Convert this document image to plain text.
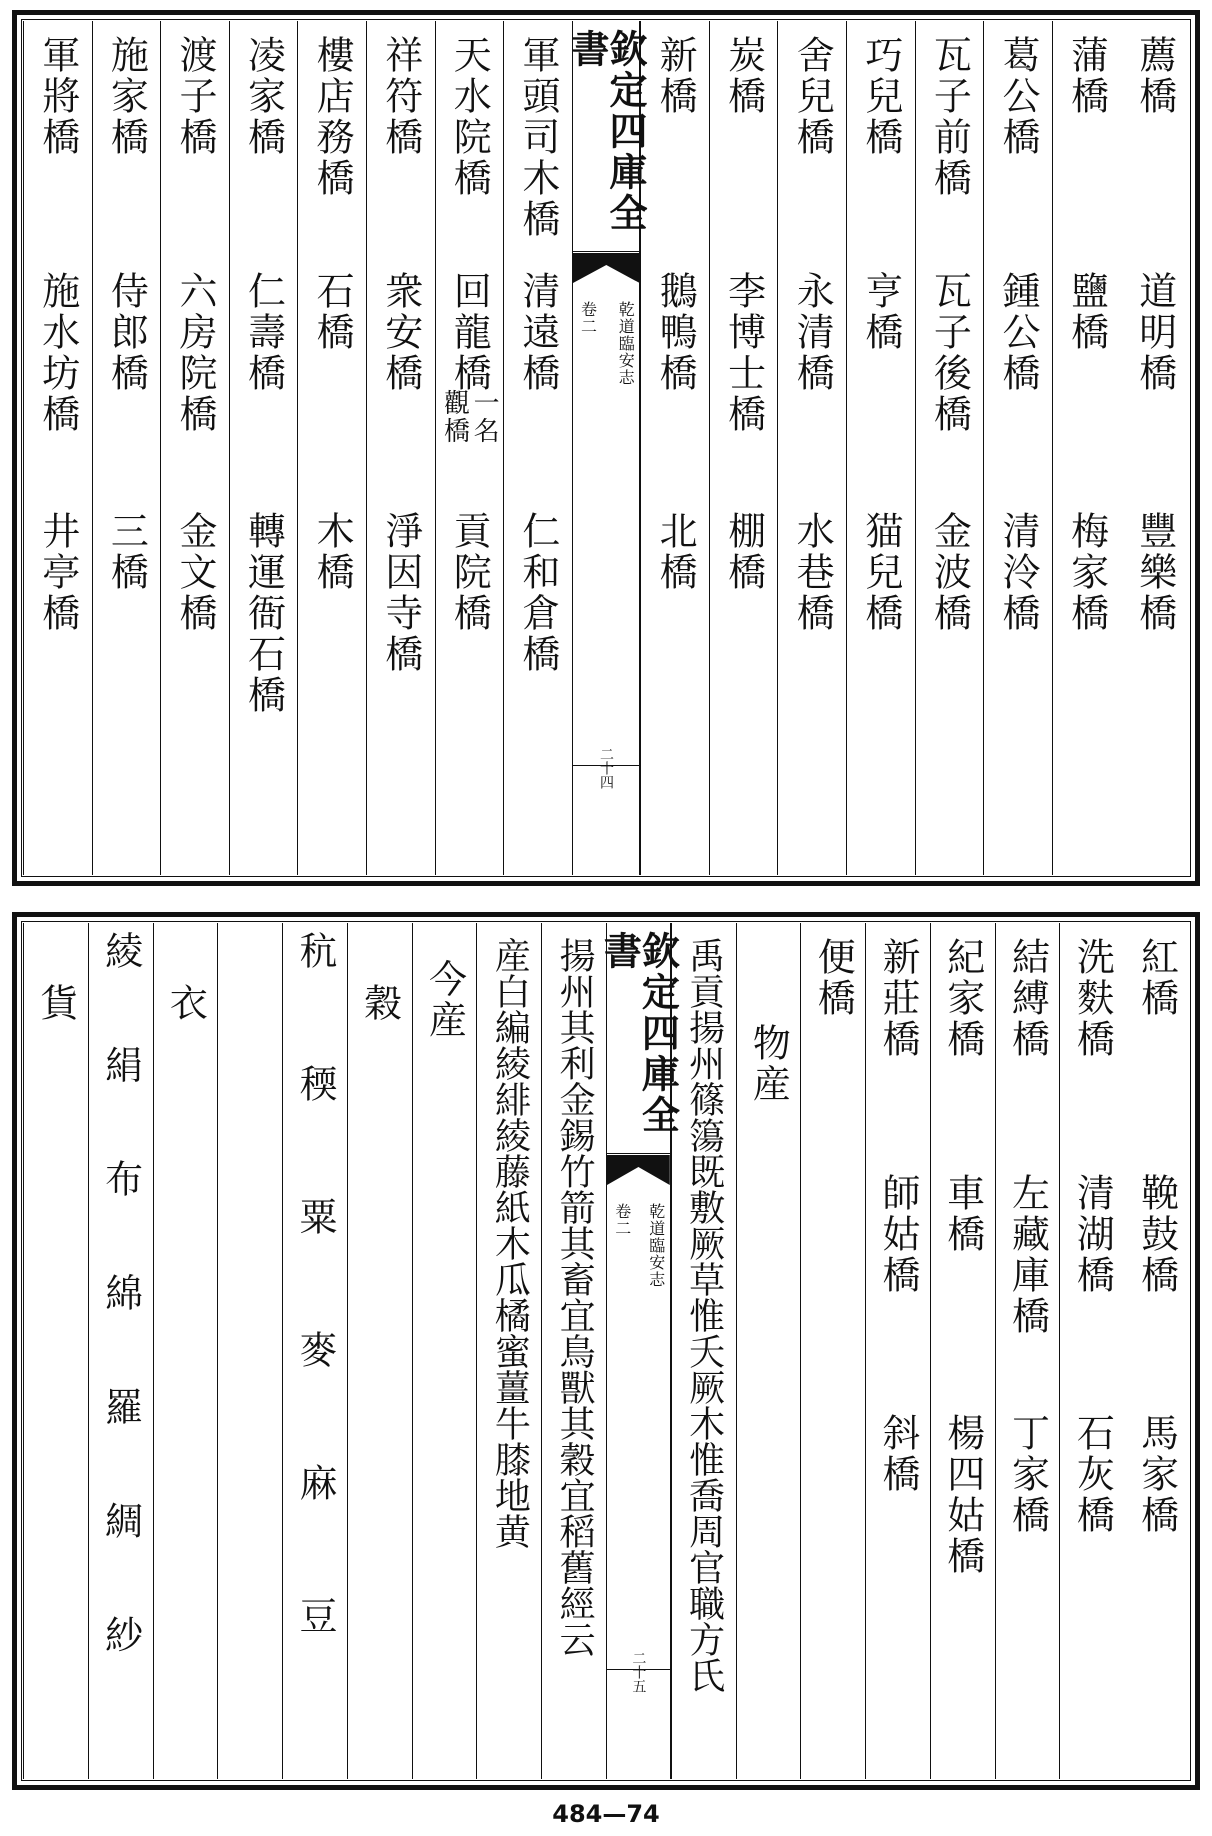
薦橋
道明橋
豐樂橋
蒲橋
鹽橋
梅家橋
葛公橋
鍾公橋
清泠橋
瓦子前橋
瓦子後橋
金波橋
巧兒橋
亨橋
猫兒橋
舍兒橋
永清橋
水巷橋
炭橋
李博士橋
棚橋
新橋
鵝鴨橋
北橋
欽定四庫全書
乾道臨安志
卷二
二十四
軍頭司木橋
清遠橋
仁和倉橋
天水院橋
回龍橋
貢院橋
一名
觀橋
祥符橋
衆安橋
淨因寺橋
樓店務橋
石橋
木橋
凌家橋
仁壽橋
轉運衙石橋
渡子橋
六房院橋
金文橋
施家橋
侍郎橋
三橋
軍將橋
施水坊橋
井亭橋
紅橋
鞔鼓橋
馬家橋
洗麩橋
清湖橋
石灰橋
結縛橋
左藏庫橋
丁家橋
紀家橋
車橋
楊四姑橋
新莊橋
師姑橋
斜橋
便橋
物産
禹貢揚州篠簜既敷厥草惟夭厥木惟喬周官職方氏
欽定四庫全書
乾道臨安志
卷二
二十五
揚州其利金錫竹箭其畜宜鳥獸其穀宜稻舊經云
産白編綾緋綾藤紙木瓜橘蜜薑牛膝地黄
今産
穀
秔
稬
粟
麥
麻
豆
衣
綾
絹
布
綿
羅
綢
紗
貨
484—74
